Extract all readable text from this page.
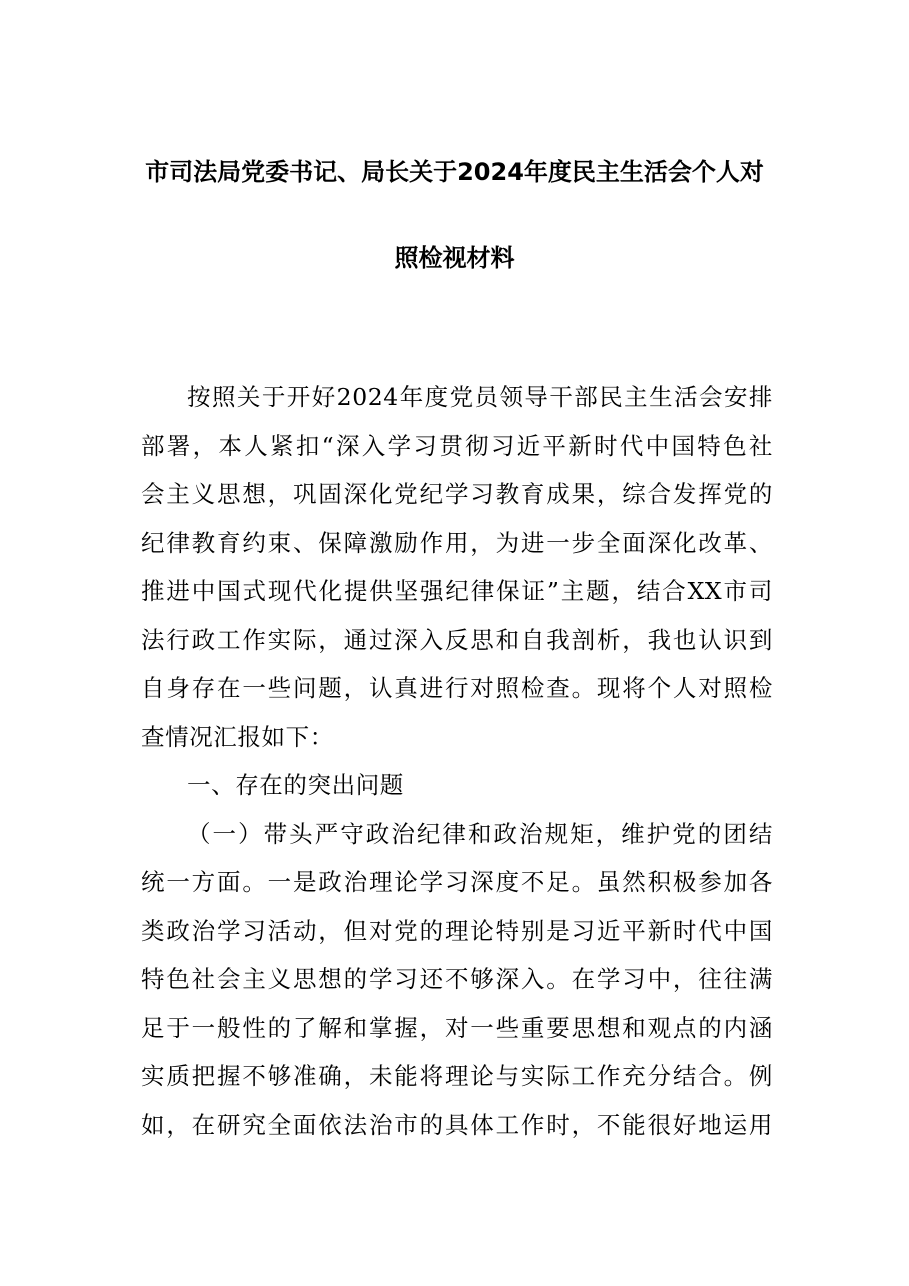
市司法局党委书记、局长关于2024年度民主生活会个人对
照检视材料
按照关于开好2024年度党员领导干部民主生活会安排
部署，本人紧扣“深入学习贯彻习近平新时代中国特色社
会主义思想，巩固深化党纪学习教育成果，综合发挥党的
纪律教育约束、保障激励作用，为进一步全面深化改革、
推进中国式现代化提供坚强纪律保证”主题，结合XX市司
法行政工作实际，通过深入反思和自我剖析，我也认识到
自身存在一些问题，认真进行对照检查。现将个人对照检
查情况汇报如下：
一、存在的突出问题
（一）带头严守政治纪律和政治规矩，维护党的团结
统一方面。一是政治理论学习深度不足。虽然积极参加各
类政治学习活动，但对党的理论特别是习近平新时代中国
特色社会主义思想的学习还不够深入。在学习中，往往满
足于一般性的了解和掌握，对一些重要思想和观点的内涵
实质把握不够准确，未能将理论与实际工作充分结合。例
如，在研究全面依法治市的具体工作时，不能很好地运用
